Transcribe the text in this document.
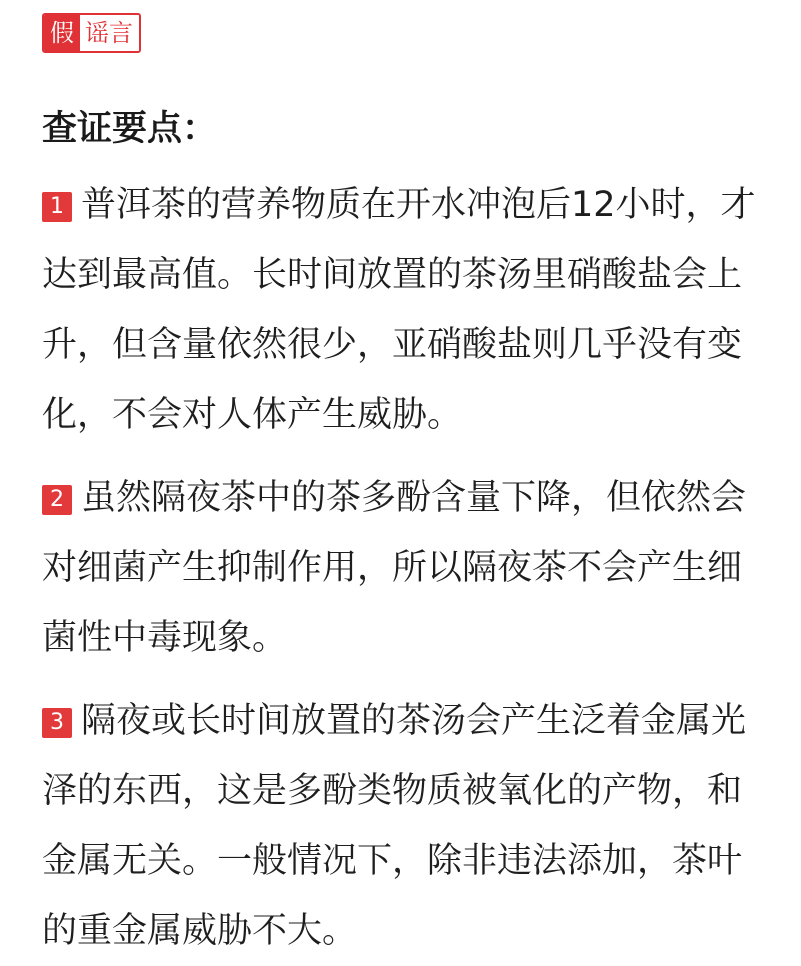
假 谣言
查证要点：

1 普洱茶的营养物质在开水冲泡后12小时，才达到最高值。长时间放置的茶汤里硝酸盐会上升，但含量依然很少，亚硝酸盐则几乎没有变化，不会对人体产生威胁。

2 虽然隔夜茶中的茶多酚含量下降，但依然会对细菌产生抑制作用，所以隔夜茶不会产生细菌性中毒现象。

3 隔夜或长时间放置的茶汤会产生泛着金属光泽的东西，这是多酚类物质被氧化的产物，和金属无关。一般情况下，除非违法添加，茶叶的重金属威胁不大。
